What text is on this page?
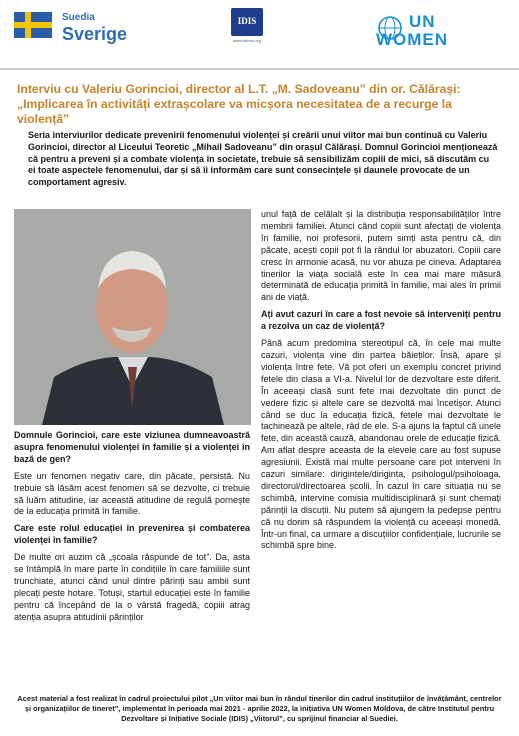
Suedia
Sverige
IDIS
www.viitorul.org
UN
WOMEN
Interviu cu Valeriu Gorincioi, director al L.T. „M. Sadoveanu” din or. Călărași: „Implicarea în activități extrașcolare va micșora necesitatea de a recurge la violență”

Seria interviurilor dedicate prevenirii fenomenului violenței și creării unui viitor mai bun continuă cu Valeriu Gorincioi, director al Liceului Teoretic „Mihail Sadoveanu” din orașul Călărași. Domnul Gorincioi menționează că pentru a preveni și a combate violența în societate, trebuie să sensibilizăm copiii de mici, să discutăm cu ei toate aspectele fenomenului, dar și să îi informăm care sunt consecințele și daunele provocate de un comportament agresiv.

Domnule Gorincioi, care este viziunea dumneavoastră asupra fenomenului violenței în familie și a violenței în bază de gen?

Este un fenomen negativ care, din păcate, persistă. Nu trebuie să lăsăm acest fenomen să se dezvolte, ci trebuie să luăm atitudine, iar această atitudine de regulă pornește de la educația primită în familie.

Care este rolul educației în prevenirea și combaterea violenței în familie?

De multe ori auzim că „școala răspunde de tot”. Da, asta se întâmplă în mare parte în condițiile în care familiile sunt trunchiate, atunci când unul dintre părinți sau ambii sunt plecați peste hotare. Totuși, startul educației este în familie pentru că începând de la o vârstă fragedă, copiii atrag atenția asupra atitudinii părinților

unul față de celălalt și la distribuția responsabilităților între membrii familiei. Atunci când copiii sunt afectați de violența în familie, noi profesorii, putem simți asta pentru că, din păcate, acești copii pot fi la rândul lor abuzatori. Copiii care cresc în armonie acasă, nu vor abuza pe cineva. Adaptarea tinerilor la viața socială este în cea mai mare măsură determinată de educația primită în familie, mai ales în primii ani de viață.

Ați avut cazuri în care a fost nevoie să interveniți pentru a rezolva un caz de violență?

Până acum predomina stereotipul că, în cele mai multe cazuri, violența vine din partea băieților. Însă, apare și violența între fete. Vă pot oferi un exemplu concret privind fetele din clasa a VI-a. Nivelul lor de dezvoltare este diferit. În aceeași clasă sunt fete mai dezvoltate din punct de vedere fizic și altele care se dezvoltă mai încetișor. Atunci când se duc la educația fizică, fetele mai dezvoltate le tachinează pe altele, râd de ele. S-a ajuns la faptul că unele fete, din această cauză, abandonau orele de educație fizică. Am aflat despre aceasta de la elevele care au fost supuse agresiunii. Există mai multe persoane care pot interveni în cazuri similare: dirigintele/diriginta, psihologul/psiholoaga, directorul/directoarea școlii. În cazul în care situația nu se schimbă, intervine comisia multidisciplinară și sunt chemați părinții la discuții. Nu putem să ajungem la pedepse pentru că nu dorim să răspundem la violență cu aceeași monedă. Într-un final, ca urmare a discuțiilor confidențiale, lucrurile se schimbă spre bine.

Acest material a fost realizat în cadrul proiectului pilot „Un viitor mai bun în rândul tinerilor din cadrul instituțiilor de învățământ, centrelor și organizațiilor de tineret”, implementat în perioada mai 2021 - aprilie 2022, la inițiativa UN Women Moldova, de către Institutul pentru Dezvoltare și Inițiative Sociale (IDIS) „Viitorul”, cu sprijinul financiar al Suediei.
